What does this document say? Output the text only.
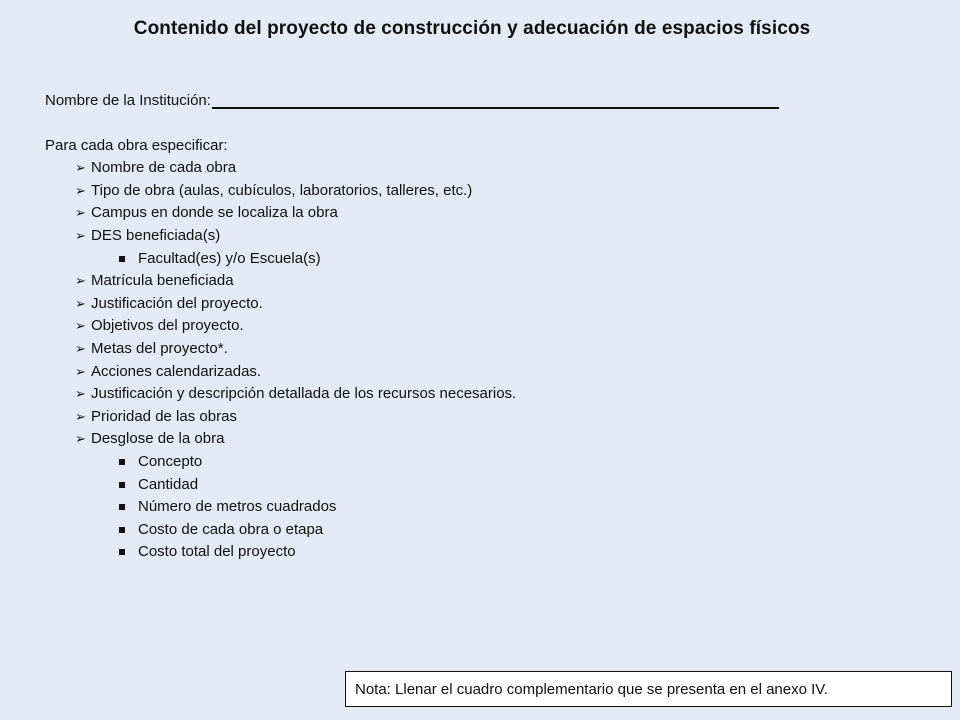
Contenido del proyecto de construcción y adecuación de espacios físicos
Nombre de la Institución:
Para cada obra especificar:
➢ Nombre de cada obra
➢ Tipo de obra (aulas, cubículos, laboratorios, talleres, etc.)
➢ Campus en donde se localiza la obra
➢ DES beneficiada(s)
Facultad(es) y/o Escuela(s)
➢ Matrícula beneficiada
➢ Justificación del proyecto.
➢ Objetivos del proyecto.
➢ Metas del proyecto*.
➢ Acciones calendarizadas.
➢ Justificación y descripción detallada de los recursos necesarios.
➢ Prioridad de las obras
➢ Desglose de la obra
Concepto
Cantidad
Número de metros cuadrados
Costo de cada obra o etapa
Costo total del proyecto
Nota: Llenar el cuadro complementario que se presenta en el anexo IV.
